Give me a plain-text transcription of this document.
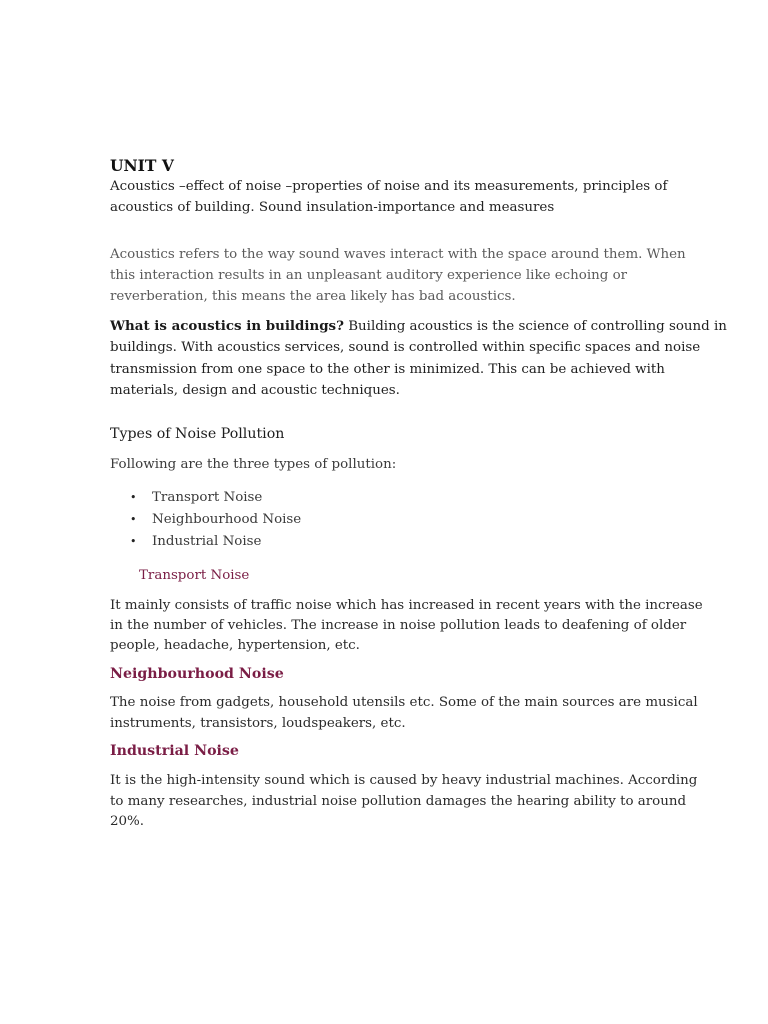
UNIT V

Acoustics –effect of noise –properties of noise and its measurements, principles of
acoustics of building. Sound insulation-importance and measures

Acoustics refers to the way sound waves interact with the space around them. When
this interaction results in an unpleasant auditory experience like echoing or
reverberation, this means the area likely has bad acoustics.

What is acoustics in buildings? Building acoustics is the science of controlling sound in
buildings. With acoustics services, sound is controlled within specific spaces and noise
transmission from one space to the other is minimized. This can be achieved with
materials, design and acoustic techniques.

Types of Noise Pollution

Following are the three types of pollution:

• Transport Noise
• Neighbourhood Noise
• Industrial Noise
Transport Noise

It mainly consists of traffic noise which has increased in recent years with the increase
in the number of vehicles. The increase in noise pollution leads to deafening of older
people, headache, hypertension, etc.

Neighbourhood Noise

The noise from gadgets, household utensils etc. Some of the main sources are musical
instruments, transistors, loudspeakers, etc.

Industrial Noise

It is the high-intensity sound which is caused by heavy industrial machines. According
to many researches, industrial noise pollution damages the hearing ability to around
20%.
